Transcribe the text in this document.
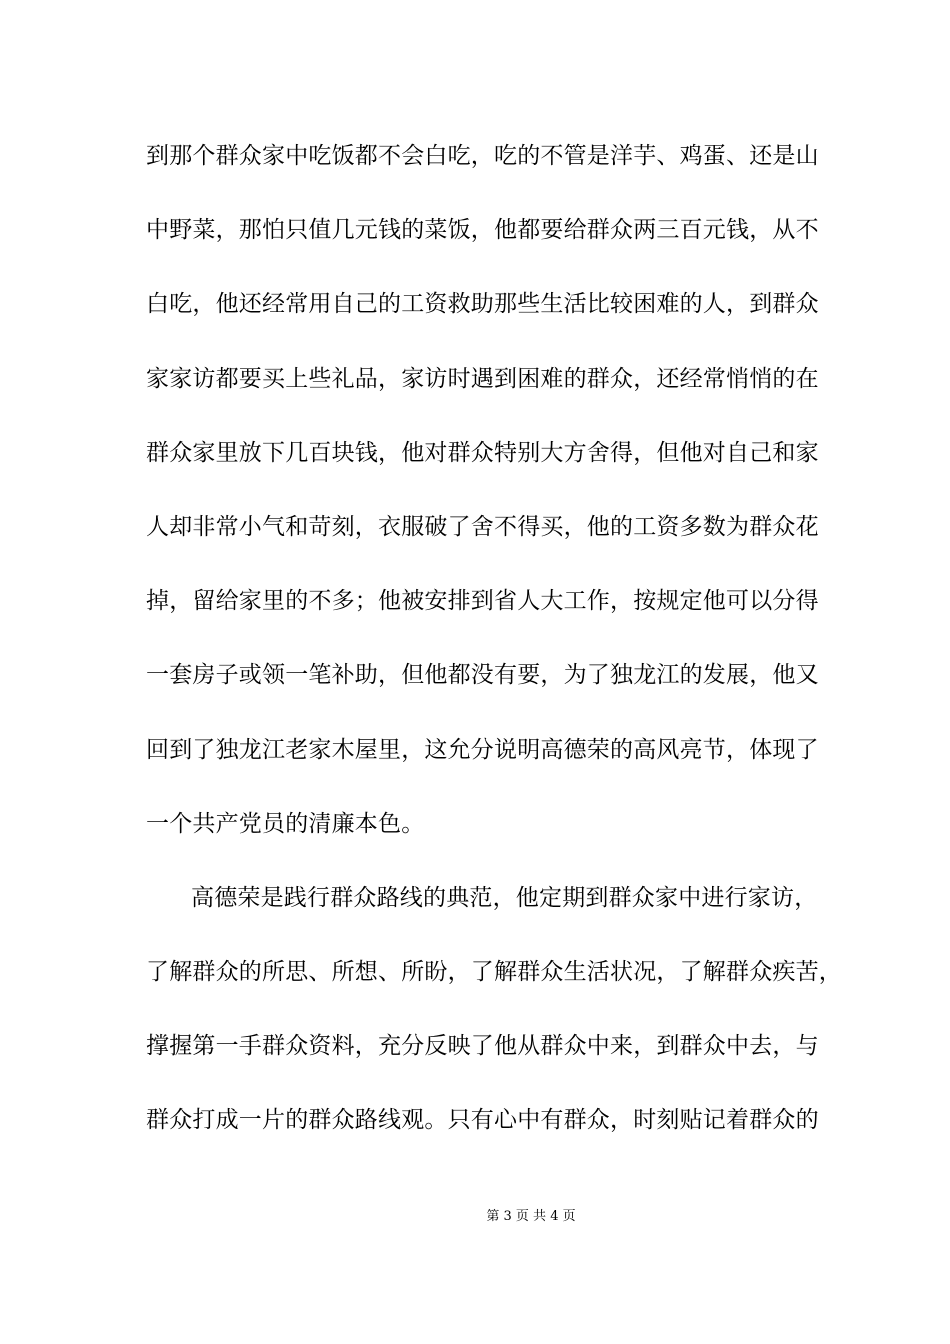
到那个群众家中吃饭都不会白吃，吃的不管是洋芋、鸡蛋、还是山
中野菜，那怕只值几元钱的菜饭，他都要给群众两三百元钱，从不
白吃，他还经常用自己的工资救助那些生活比较困难的人，到群众
家家访都要买上些礼品，家访时遇到困难的群众，还经常悄悄的在
群众家里放下几百块钱，他对群众特别大方舍得，但他对自己和家
人却非常小气和苛刻，衣服破了舍不得买，他的工资多数为群众花
掉，留给家里的不多；他被安排到省人大工作，按规定他可以分得
一套房子或领一笔补助，但他都没有要，为了独龙江的发展，他又
回到了独龙江老家木屋里，这允分说明高德荣的高风亮节，体现了
一个共产党员的清廉本色。
高德荣是践行群众路线的典范，他定期到群众家中进行家访，
了解群众的所思、所想、所盼，了解群众生活状况，了解群众疾苦，
撑握第一手群众资料，充分反映了他从群众中来，到群众中去，与
群众打成一片的群众路线观。只有心中有群众，时刻贴记着群众的
第 3 页 共 4 页
